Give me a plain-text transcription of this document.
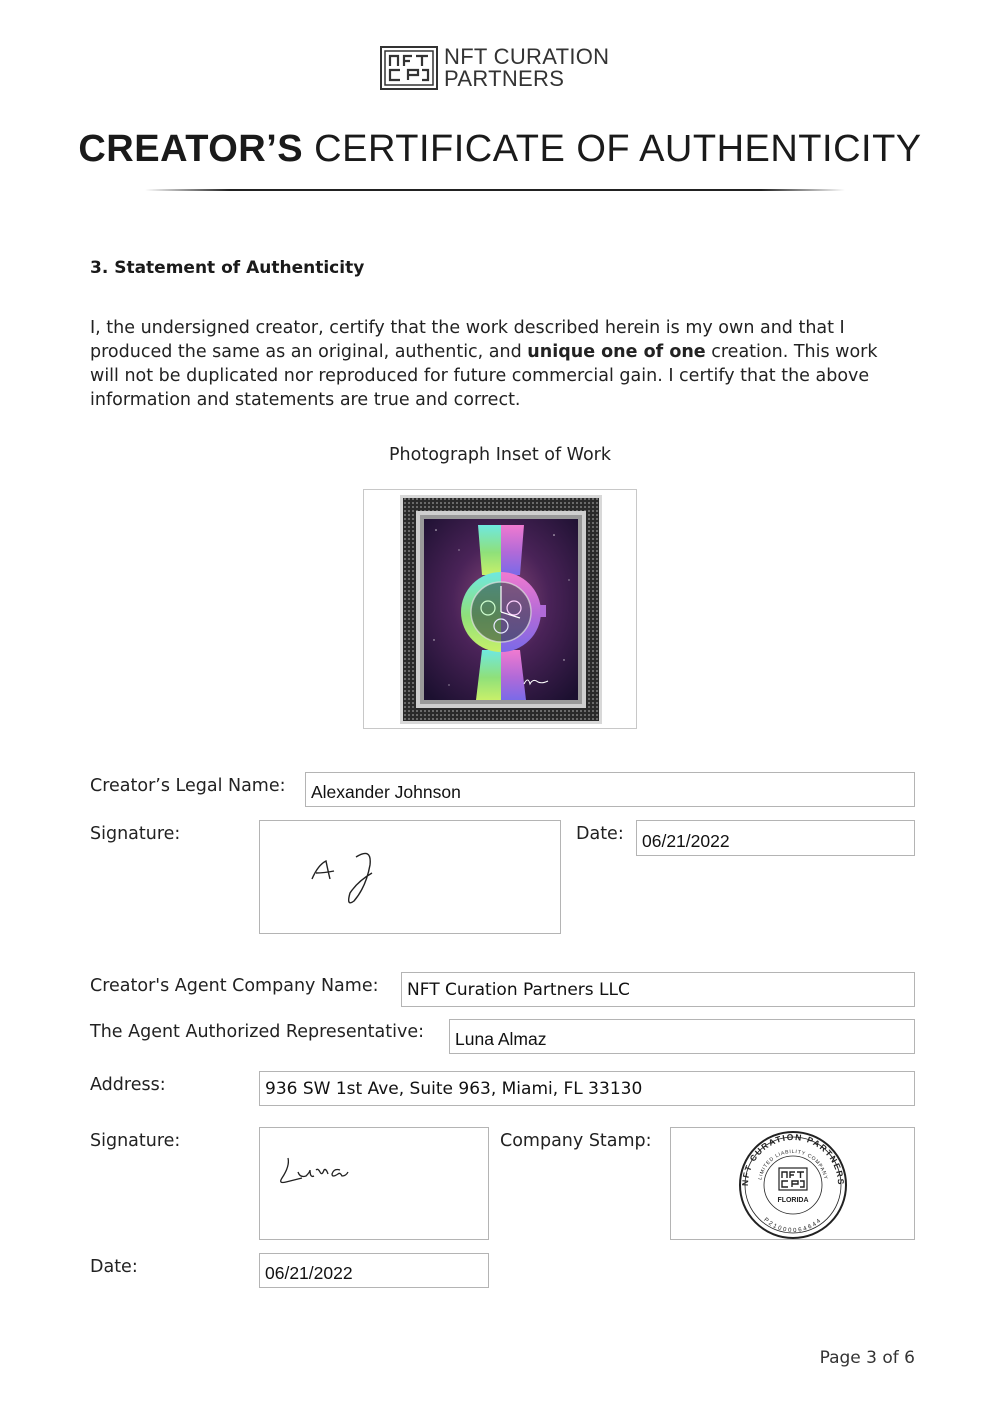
NFT CP
NFT CURATION
PARTNERS
CREATOR’S CERTIFICATE OF AUTHENTICITY
3. Statement of Authenticity
I, the undersigned creator, certify that the work described herein is my own and that I produced the same as an original, authentic, and unique one of one creation. This work will not be duplicated nor reproduced for future commercial gain. I certify that the above information and statements are true and correct.
Photograph Inset of Work
Creator’s Legal Name:	Alexander Johnson
Signature:
A J
Date:	06/21/2022
Creator's Agent Company Name:	NFT Curation Partners LLC
The Agent Authorized Representative:	Luna Almaz
Address:	936 SW 1st Ave, Suite 963, Miami, FL 33130
Signature:
Luna
Company Stamp:
NFT CURATION PARTNERS
LIMITED LIABILITY COMPANY
P21000064644
FLORIDA
Date:	06/21/2022
Page 3 of 6
